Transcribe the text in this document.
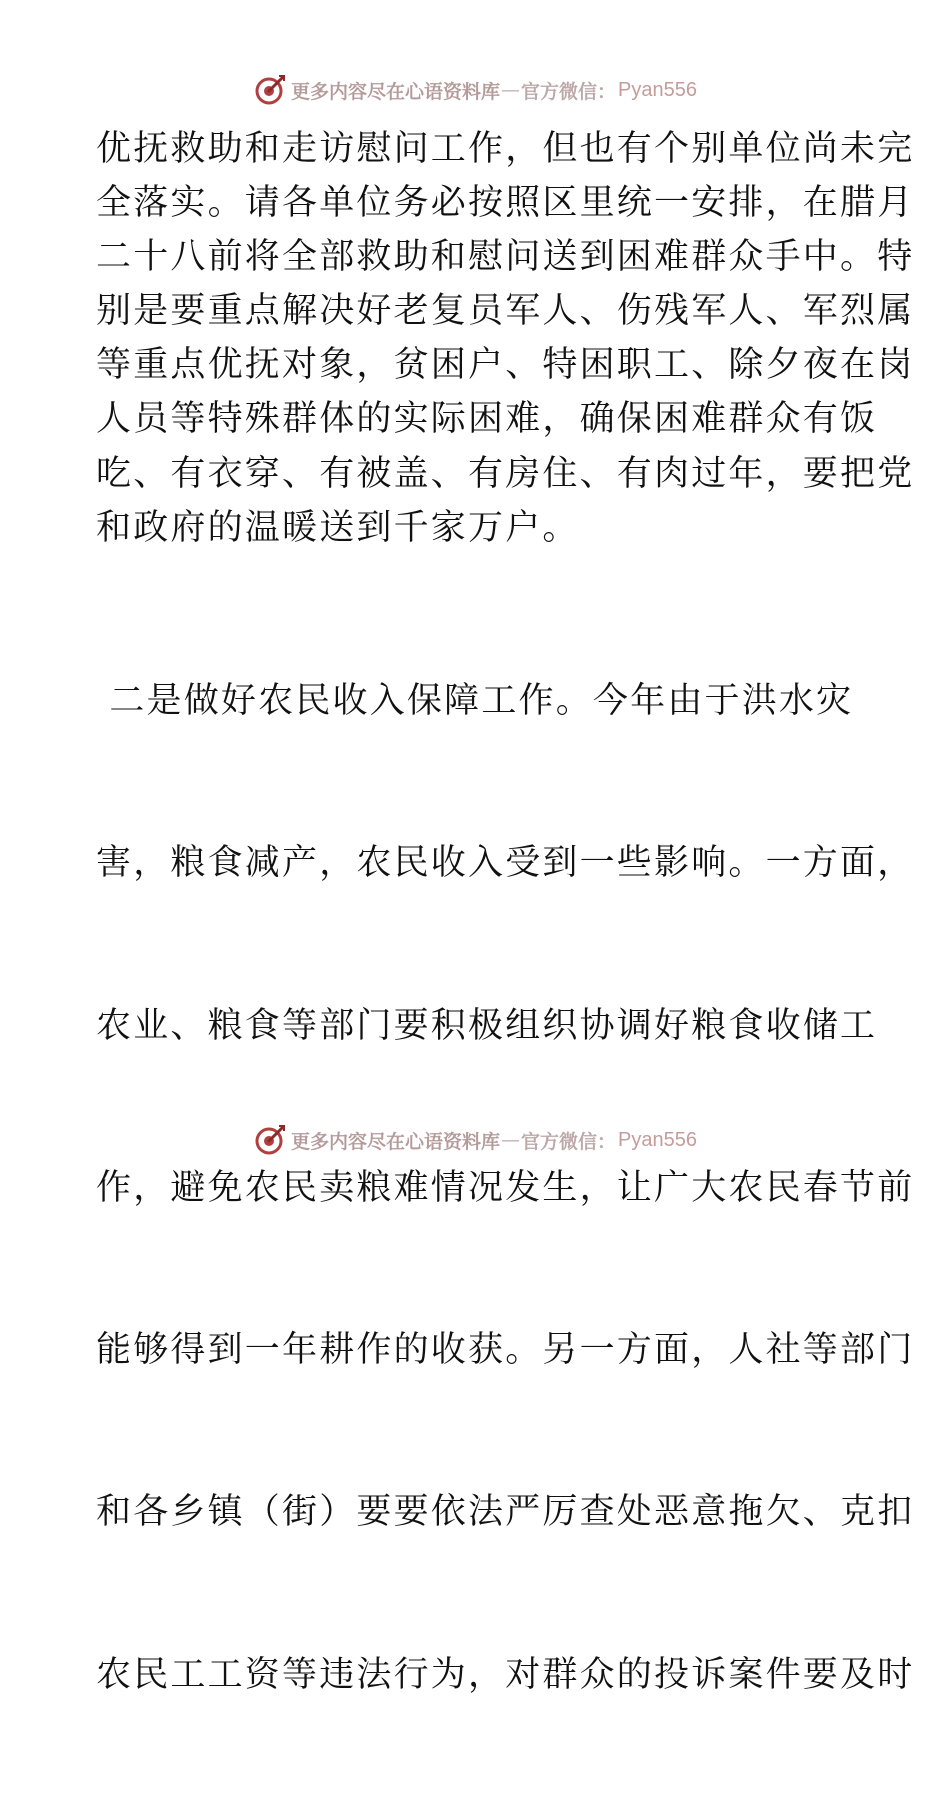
更多内容尽在心语资料库 — 官方微信： Pyan556

优抚救助和走访慰问工作，但也有个别单位尚未完
全落实。请各单位务必按照区里统一安排，在腊月
二十八前将全部救助和慰问送到困难群众手中。特
别是要重点解决好老复员军人、伤残军人、军烈属
等重点优抚对象，贫困户、特困职工、除夕夜在岗
人员等特殊群体的实际困难，确保困难群众有饭
吃、有衣穿、有被盖、有房住、有肉过年，要把党
和政府的温暖送到千家万户。

二是做好农民收入保障工作。今年由于洪水灾

害，粮食减产，农民收入受到一些影响。一方面，

农业、粮食等部门要积极组织协调好粮食收储工

作，避免农民卖粮难情况发生，让广大农民春节前

能够得到一年耕作的收获。另一方面，人社等部门

和各乡镇（街）要要依法严厉查处恶意拖欠、克扣

农民工工资等违法行为，对群众的投诉案件要及时

更多内容尽在心语资料库 — 官方微信： Pyan556
